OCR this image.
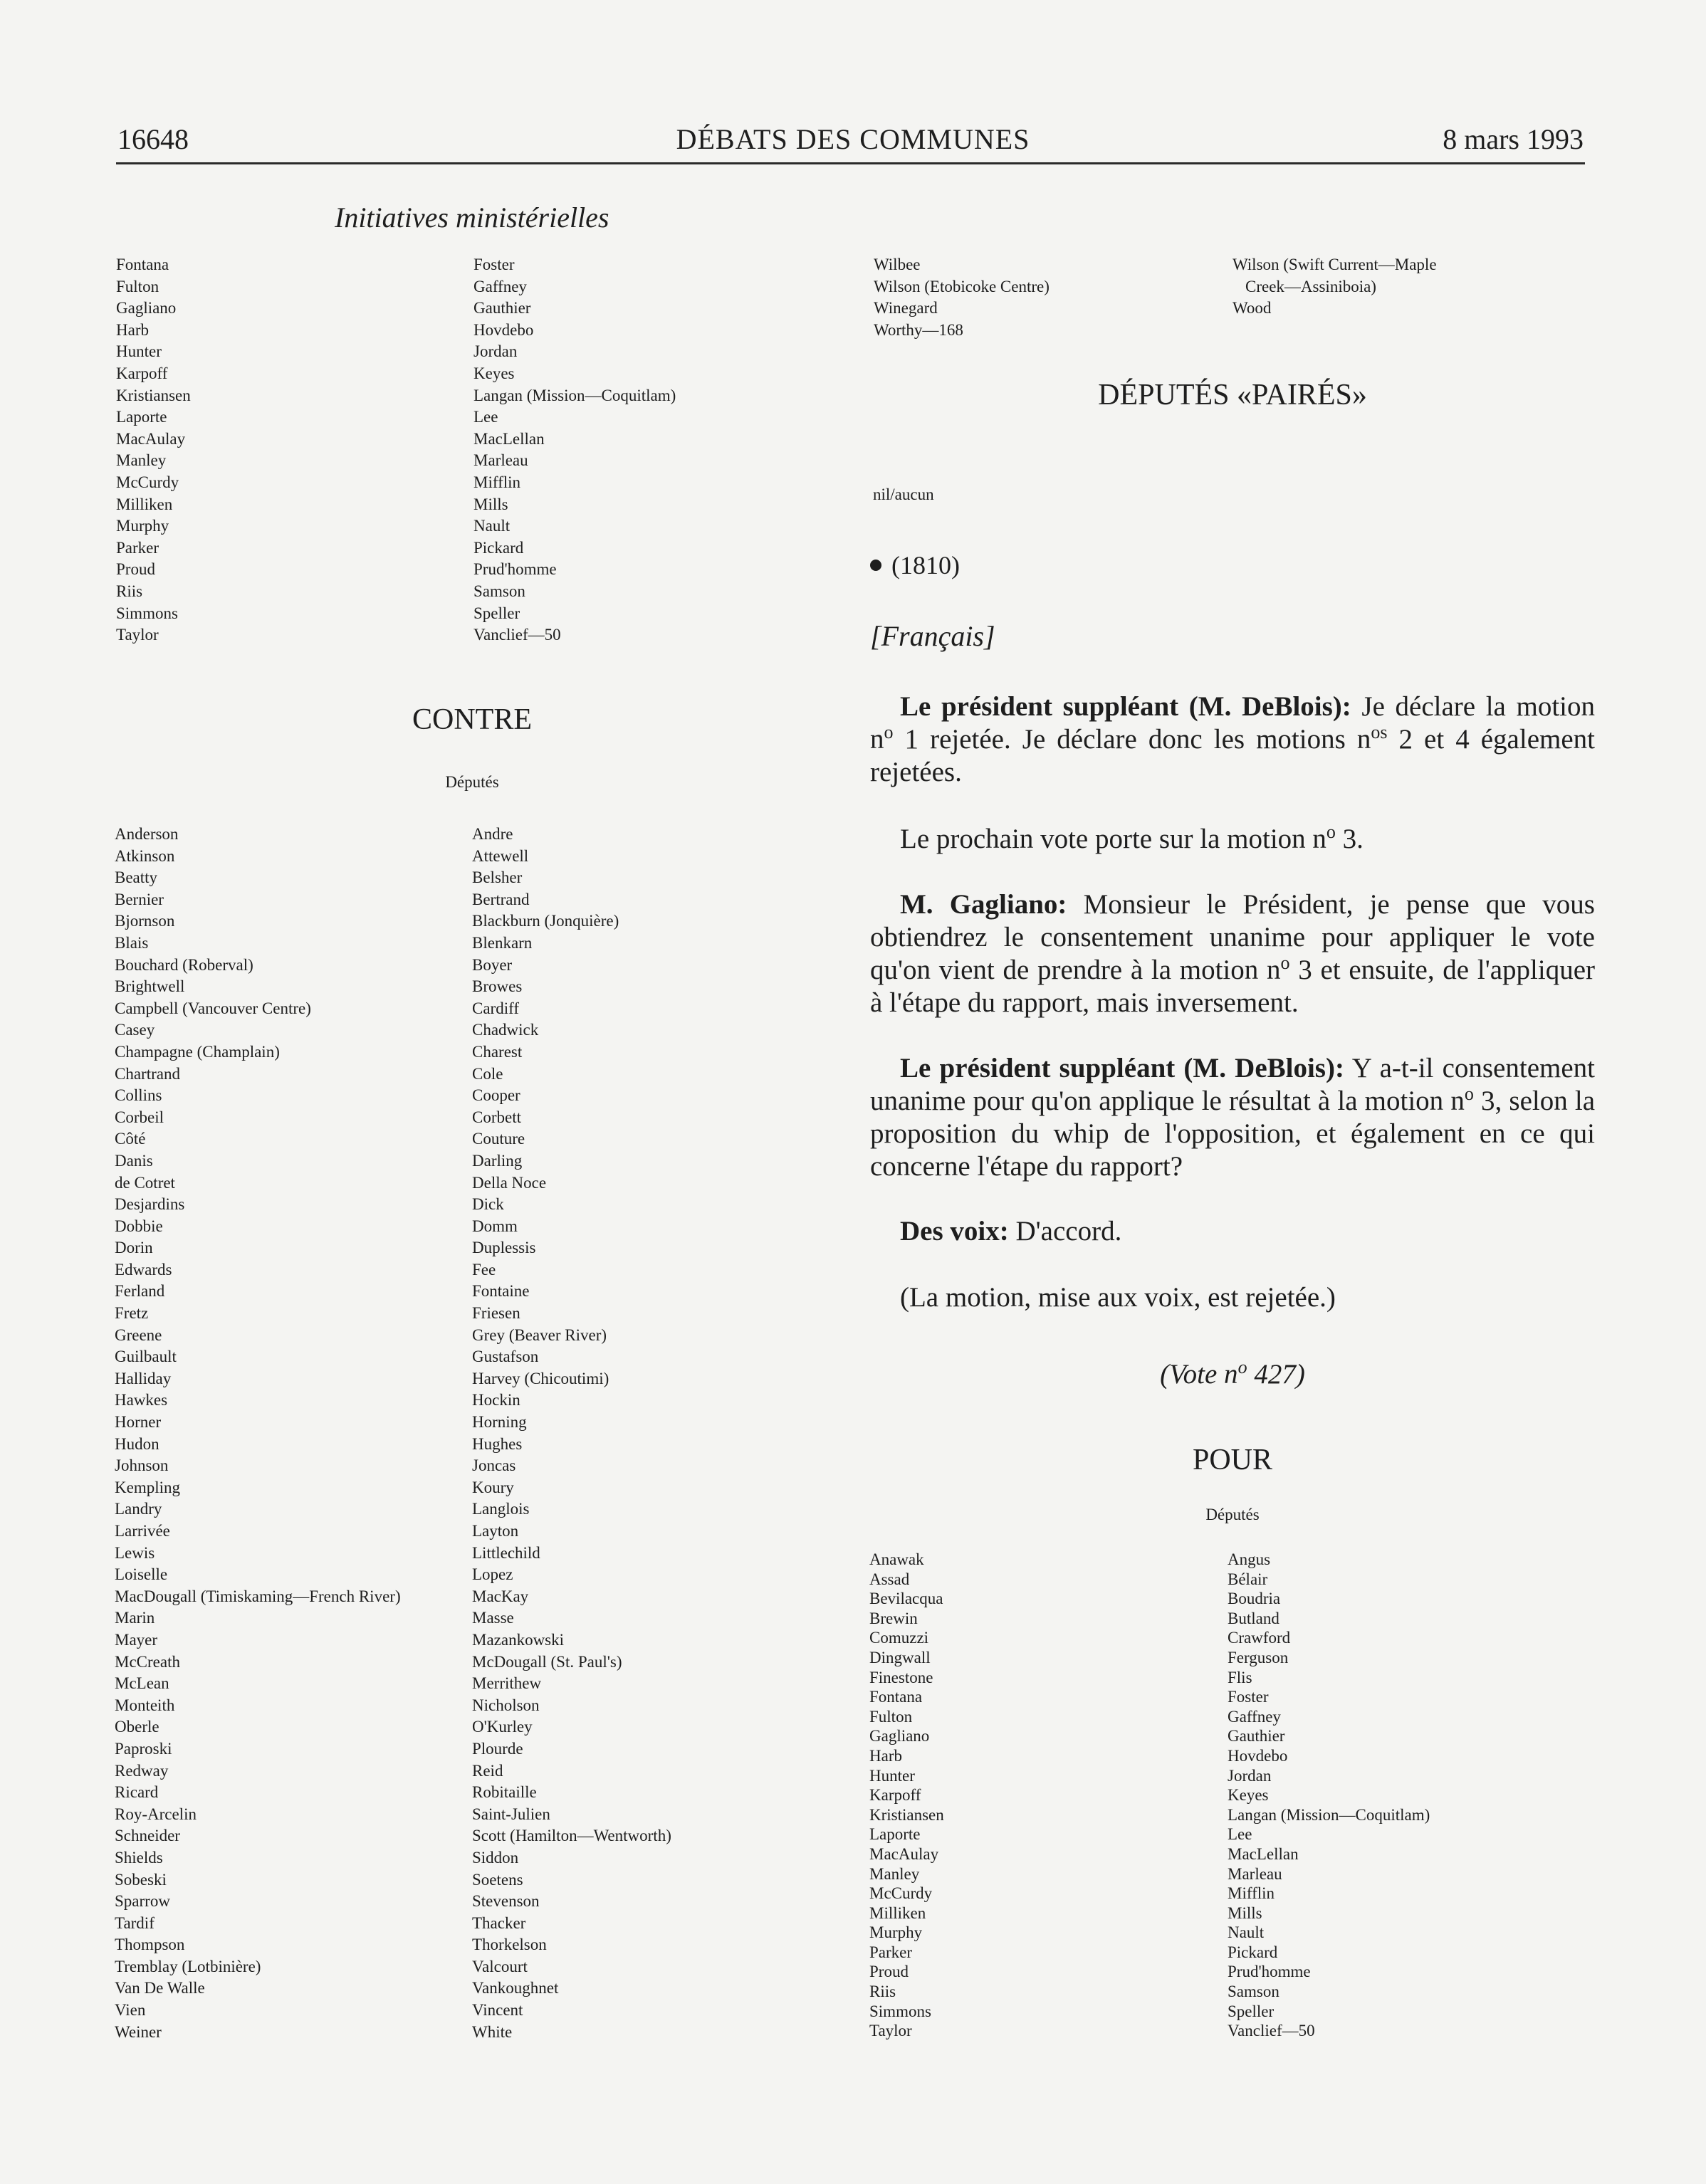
16648	DÉBATS DES COMMUNES	8 mars 1993
Initiatives ministérielles
Fontana
Fulton
Gagliano
Harb
Hunter
Karpoff
Kristiansen
Laporte
MacAulay
Manley
McCurdy
Milliken
Murphy
Parker
Proud
Riis
Simmons
Taylor
Foster
Gaffney
Gauthier
Hovdebo
Jordan
Keyes
Langan (Mission—Coquitlam)
Lee
MacLellan
Marleau
Mifflin
Mills
Nault
Pickard
Prud'homme
Samson
Speller
Vanclief—50
CONTRE
Députés
Anderson
Atkinson
Beatty
Bernier
Bjornson
Blais
Bouchard (Roberval)
Brightwell
Campbell (Vancouver Centre)
Casey
Champagne (Champlain)
Chartrand
Collins
Corbeil
Côté
Danis
de Cotret
Desjardins
Dobbie
Dorin
Edwards
Ferland
Fretz
Greene
Guilbault
Halliday
Hawkes
Horner
Hudon
Johnson
Kempling
Landry
Larrivée
Lewis
Loiselle
MacDougall (Timiskaming—French River)
Marin
Mayer
McCreath
McLean
Monteith
Oberle
Paproski
Redway
Ricard
Roy-Arcelin
Schneider
Shields
Sobeski
Sparrow
Tardif
Thompson
Tremblay (Lotbinière)
Van De Walle
Vien
Weiner
Andre
Attewell
Belsher
Bertrand
Blackburn (Jonquière)
Blenkarn
Boyer
Browes
Cardiff
Chadwick
Charest
Cole
Cooper
Corbett
Couture
Darling
Della Noce
Dick
Domm
Duplessis
Fee
Fontaine
Friesen
Grey (Beaver River)
Gustafson
Harvey (Chicoutimi)
Hockin
Horning
Hughes
Joncas
Koury
Langlois
Layton
Littlechild
Lopez
MacKay
Masse
Mazankowski
McDougall (St. Paul's)
Merrithew
Nicholson
O'Kurley
Plourde
Reid
Robitaille
Saint-Julien
Scott (Hamilton—Wentworth)
Siddon
Soetens
Stevenson
Thacker
Thorkelson
Valcourt
Vankoughnet
Vincent
White
Wilbee
Wilson (Etobicoke Centre)
Winegard
Worthy—168
Wilson (Swift Current—Maple
Creek—Assiniboia)
Wood
DÉPUTÉS «PAIRÉS»
nil/aucun
(1810)
[Français]
Le président suppléant (M. DeBlois): Je déclare la motion $n^o$ 1 rejetée. Je déclare donc les motions $n^{os}$ 2 et 4 également rejetées.
Le prochain vote porte sur la motion $n^o$ 3.
M. Gagliano: Monsieur le Président, je pense que vous obtiendrez le consentement unanime pour appliquer le vote qu'on vient de prendre à la motion $n^o$ 3 et ensuite, de l'appliquer à l'étape du rapport, mais inversement.
Le président suppléant (M. DeBlois): Y a-t-il consentement unanime pour qu'on applique le résultat à la motion $n^o$ 3, selon la proposition du whip de l'opposition, et également en ce qui concerne l'étape du rapport?
Des voix: D'accord.
(La motion, mise aux voix, est rejetée.)
(Vote $n^o$ 427)
POUR
Députés
Anawak
Assad
Bevilacqua
Brewin
Comuzzi
Dingwall
Finestone
Fontana
Fulton
Gagliano
Harb
Hunter
Karpoff
Kristiansen
Laporte
MacAulay
Manley
McCurdy
Milliken
Murphy
Parker
Proud
Riis
Simmons
Taylor
Angus
Bélair
Boudria
Butland
Crawford
Ferguson
Flis
Foster
Gaffney
Gauthier
Hovdebo
Jordan
Keyes
Langan (Mission—Coquitlam)
Lee
MacLellan
Marleau
Mifflin
Mills
Nault
Pickard
Prud'homme
Samson
Speller
Vanclief—50
